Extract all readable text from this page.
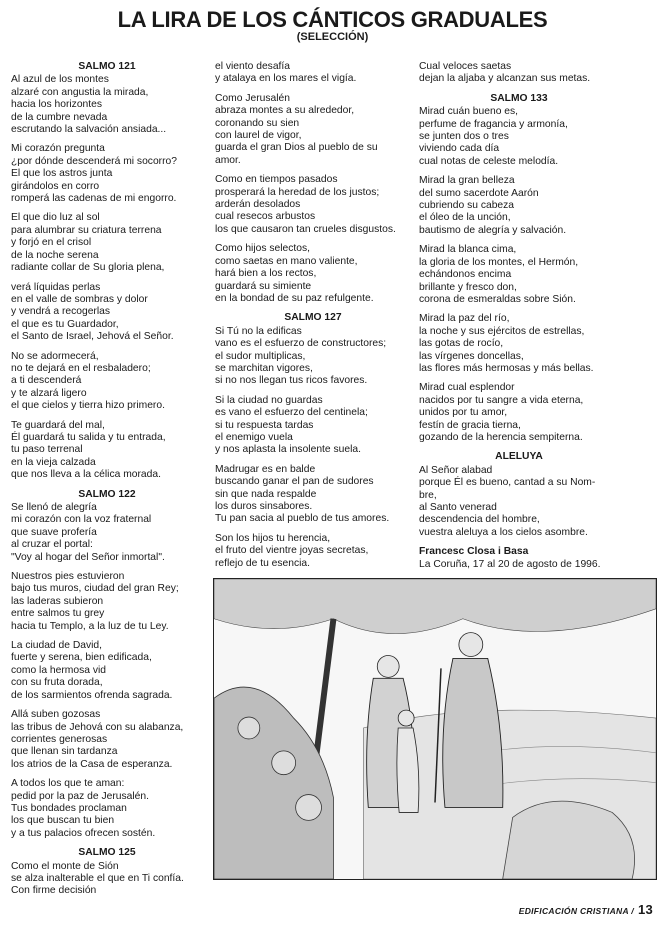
LA LIRA DE LOS CÁNTICOS GRADUALES
(SELECCIÓN)
SALMO 121
Al azul de los montes
alzaré con angustia la mirada,
hacia los horizontes
de la cumbre nevada
escrutando la salvación ansiada...
Mi corazón pregunta
¿por dónde descenderá mi socorro?
El que los astros junta
girándolos en corro
romperá las cadenas de mi engorro.
El que dio luz al sol
para alumbrar su criatura terrena
y forjó en el crisol
de la noche serena
radiante collar de Su gloria plena,
verá líquidas perlas
en el valle de sombras y dolor
y vendrá a recogerlas
el que es tu Guardador,
el Santo de Israel, Jehová el Señor.
No se adormecerá,
no te dejará en el resbaladero;
a ti descenderá
y te alzará ligero
el que cielos y tierra hizo primero.
Te guardará del mal,
Él guardará tu salida y tu entrada,
tu paso terrenal
en la vieja calzada
que nos lleva a la célica morada.
SALMO 122
Se llenó de alegría
mi corazón con la voz fraternal
que suave profería
al cruzar el portal:
"Voy al hogar del Señor inmortal".
Nuestros pies estuvieron
bajo tus muros, ciudad del gran Rey;
las laderas subieron
entre salmos tu grey
hacia tu Templo, a la luz de tu Ley.
La ciudad de David,
fuerte y serena, bien edificada,
como la hermosa vid
con su fruta dorada,
de los sarmientos ofrenda sagrada.
Allá suben gozosas
las tribus de Jehová con su alabanza,
corrientes generosas
que llenan sin tardanza
los atrios de la Casa de esperanza.
A todos los que te aman:
pedid por la paz de Jerusalén.
Tus bondades proclaman
los que buscan tu bien
y a tus palacios ofrecen sostén.
SALMO 125
Como el monte de Sión
se alza inalterable el que en Ti confía.
Con firme decisión
el viento desafía
y atalaya en los mares el vigía.
Como Jerusalén
abraza montes a su alrededor,
coronando su sien
con laurel de vigor,
guarda el gran Dios al pueblo de su
amor.
Como en tiempos pasados
prosperará la heredad de los justos;
arderán desolados
cual resecos arbustos
los que causaron tan crueles disgustos.
Como hijos selectos,
como saetas en mano valiente,
hará bien a los rectos,
guardará su simiente
en la bondad de su paz refulgente.
SALMO 127
Si Tú no la edificas
vano es el esfuerzo de constructores;
el sudor multiplicas,
se marchitan vigores,
si no nos llegan tus ricos favores.
Si la ciudad no guardas
es vano el esfuerzo del centinela;
si tu respuesta tardas
el enemigo vuela
y nos aplasta la insolente suela.
Madrugar es en balde
buscando ganar el pan de sudores
sin que nada respalde
los duros sinsabores.
Tu pan sacia al pueblo de tus amores.
Son los hijos tu herencia,
el fruto del vientre joyas secretas,
reflejo de tu esencia.
Cual veloces saetas
dejan la aljaba y alcanzan sus metas.
SALMO 133
Mirad cuán bueno es,
perfume de fragancia y armonía,
se junten dos o tres
viviendo cada día
cual notas de celeste melodía.
Mirad la gran belleza
del sumo sacerdote Aarón
cubriendo su cabeza
el óleo de la unción,
bautismo de alegría y salvación.
Mirad la blanca cima,
la gloria de los montes, el Hermón,
echándonos encima
brillante y fresco don,
corona de esmeraldas sobre Sión.
Mirad la paz del río,
la noche y sus ejércitos de estrellas,
las gotas de rocío,
las vírgenes doncellas,
las flores más hermosas y más bellas.
Mirad cual esplendor
nacidos por tu sangre a vida eterna,
unidos por tu amor,
festín de gracia tierna,
gozando de la herencia sempiterna.
ALELUYA
Al Señor alabad
porque Él es bueno, cantad a su Nom-
bre,
al Santo venerad
descendencia del hombre,
vuestra aleluya a los cielos asombre.
Francesc Closa i Basa
La Coruña, 17 al 20 de agosto de 1996.
EDIFICACIÓN CRISTIANA / 13
